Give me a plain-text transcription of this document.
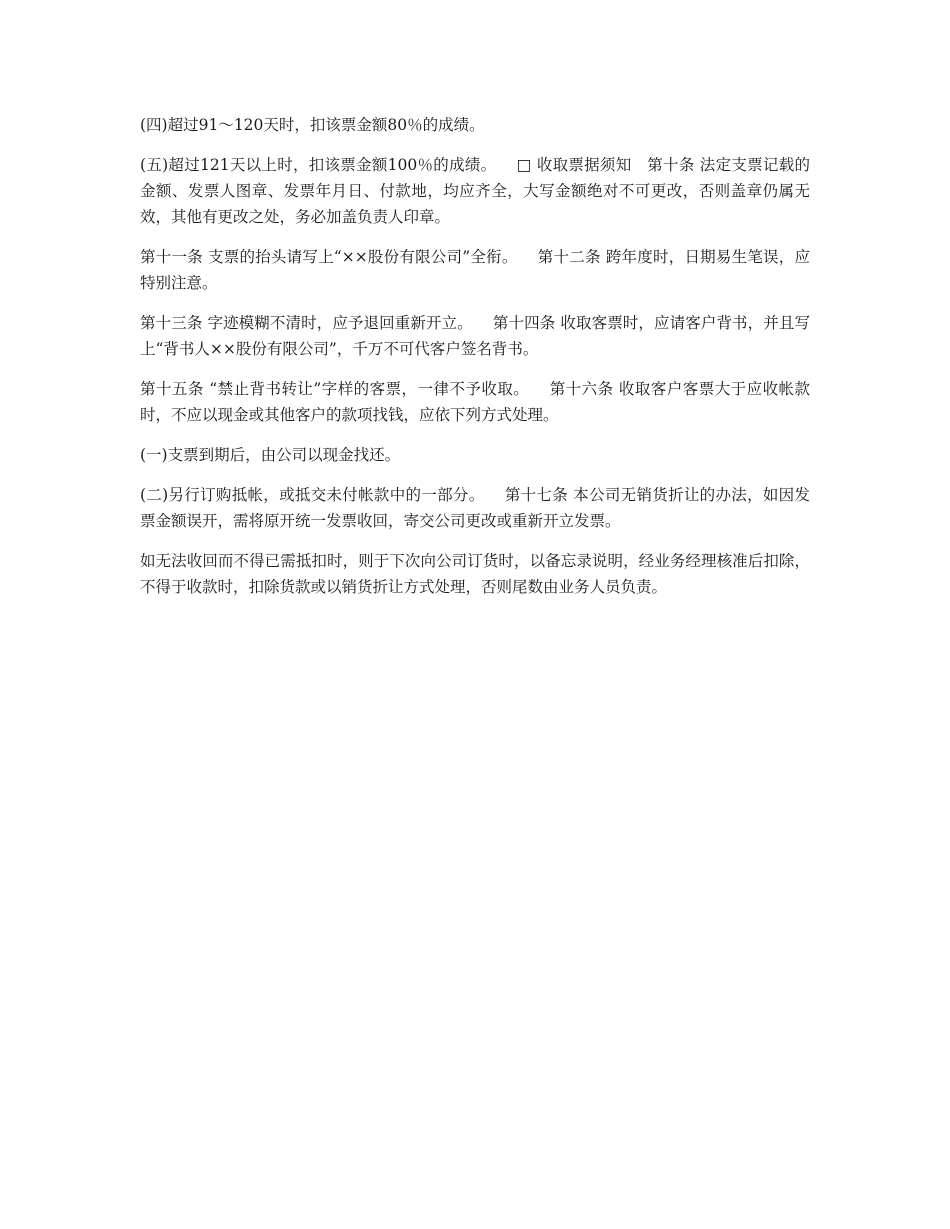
(四)超过91～120天时，扣该票金额80％的成绩。

(五)超过121天以上时，扣该票金额100％的成绩。 □ 收取票据须知　第十条 法定支票记载的金额、发票人图章、发票年月日、付款地，均应齐全，大写金额绝对不可更改，否则盖章仍属无效，其他有更改之处，务必加盖负责人印章。

第十一条 支票的抬头请写上“××股份有限公司”全衔。 第十二条 跨年度时，日期易生笔误，应特别注意。

第十三条 字迹模糊不清时，应予退回重新开立。 第十四条 收取客票时，应请客户背书，并且写上“背书人××股份有限公司”，千万不可代客户签名背书。

第十五条 “禁止背书转让”字样的客票，一律不予收取。 第十六条 收取客户客票大于应收帐款时，不应以现金或其他客户的款项找钱，应依下列方式处理。

(一)支票到期后，由公司以现金找还。

(二)另行订购抵帐，或抵交未付帐款中的一部分。 第十七条 本公司无销货折让的办法，如因发票金额误开，需将原开统一发票收回，寄交公司更改或重新开立发票。

如无法收回而不得已需抵扣时，则于下次向公司订货时，以备忘录说明，经业务经理核准后扣除，不得于收款时，扣除货款或以销货折让方式处理，否则尾数由业务人员负责。
